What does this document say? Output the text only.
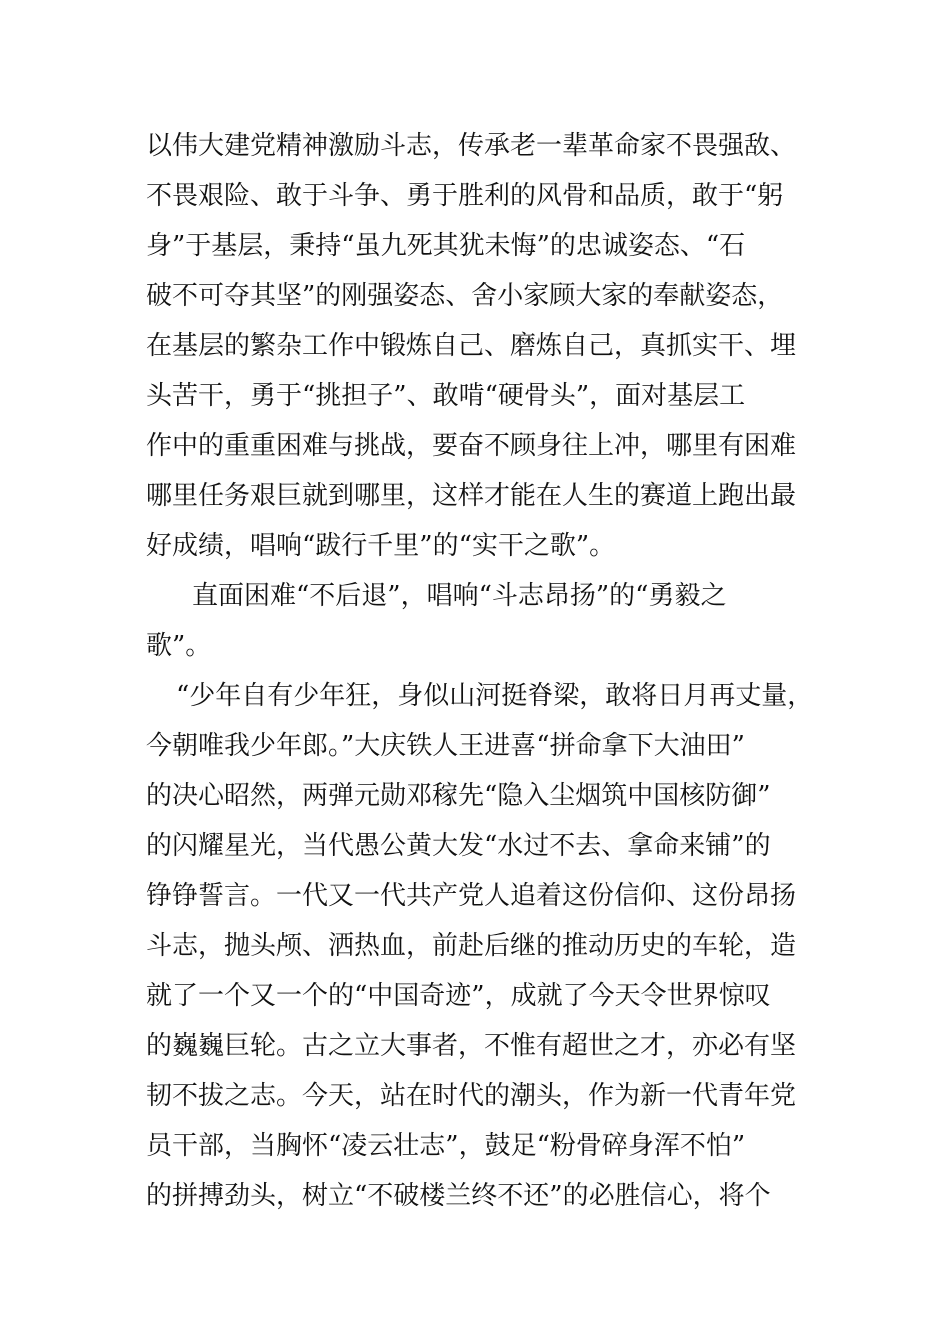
以伟大建党精神激励斗志，传承老一辈革命家不畏强敌、
不畏艰险、敢于斗争、勇于胜利的风骨和品质，敢于“躬
身”于基层，秉持“虽九死其犹未悔”的忠诚姿态、“石
破不可夺其坚”的刚强姿态、舍小家顾大家的奉献姿态，
在基层的繁杂工作中锻炼自己、磨炼自己，真抓实干、埋
头苦干，勇于“挑担子”、敢啃“硬骨头”，面对基层工
作中的重重困难与挑战，要奋不顾身往上冲，哪里有困难
哪里任务艰巨就到哪里，这样才能在人生的赛道上跑出最
好成绩，唱响“跋行千里”的“实干之歌”。
直面困难“不后退”，唱响“斗志昂扬”的“勇毅之
歌”。
“少年自有少年狂，身似山河挺脊梁，敢将日月再丈量，
今朝唯我少年郎。”大庆铁人王进喜“拼命拿下大油田”
的决心昭然，两弹元勋邓稼先“隐入尘烟筑中国核防御”
的闪耀星光，当代愚公黄大发“水过不去、拿命来铺”的
铮铮誓言。一代又一代共产党人追着这份信仰、这份昂扬
斗志，抛头颅、洒热血，前赴后继的推动历史的车轮，造
就了一个又一个的“中国奇迹”，成就了今天令世界惊叹
的巍巍巨轮。古之立大事者，不惟有超世之才，亦必有坚
韧不拔之志。今天，站在时代的潮头，作为新一代青年党
员干部，当胸怀“凌云壮志”，鼓足“粉骨碎身浑不怕”
的拼搏劲头，树立“不破楼兰终不还”的必胜信心，将个
